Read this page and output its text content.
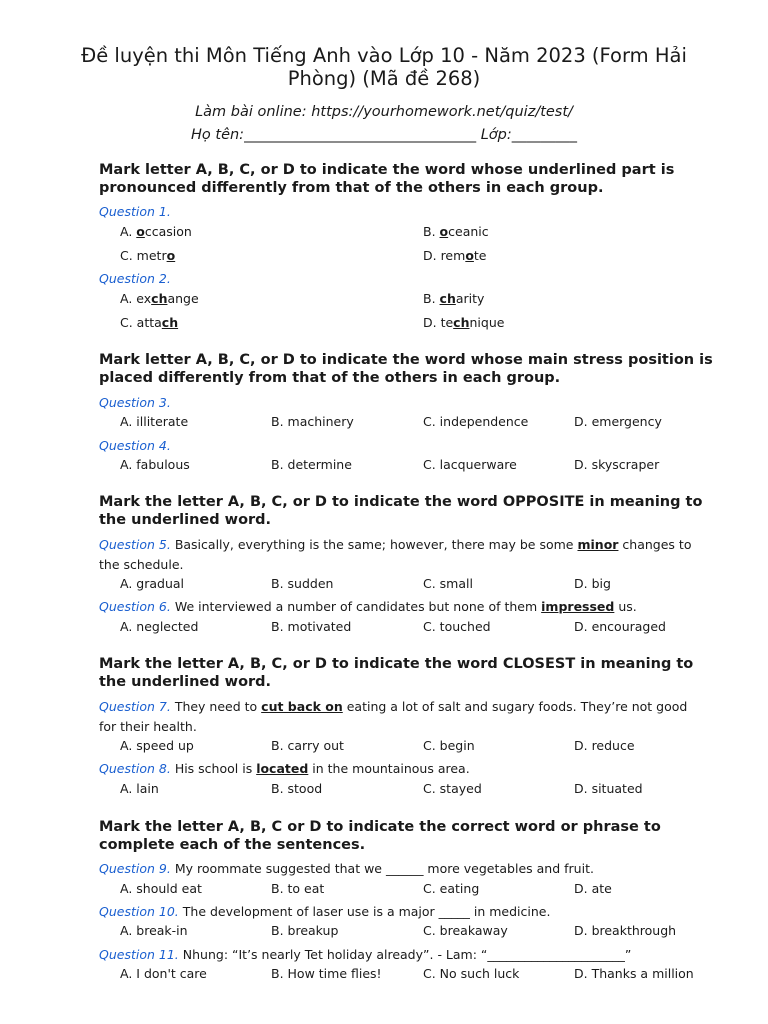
Đề luyện thi Môn Tiếng Anh vào Lớp 10 - Năm 2023 (Form Hải Phòng) (Mã đề 268)
Làm bài online: https://yourhomework.net/quiz/test/
Họ tên:________________________________ Lớp:_________
Mark letter A, B, C, or D to indicate the word whose underlined part is pronounced differently from that of the others in each group.
Question 1.
A. occasion	B. oceanic
C. metro	D. remote
Question 2.
A. exchange	B. charity
C. attach	D. technique
Mark letter A, B, C, or D to indicate the word whose main stress position is placed differently from that of the others in each group.
Question 3.
A. illiterate	B. machinery	C. independence	D. emergency
Question 4.
A. fabulous	B. determine	C. lacquerware	D. skyscraper
Mark the letter A, B, C, or D to indicate the word OPPOSITE in meaning to the underlined word.
Question 5. Basically, everything is the same; however, there may be some minor changes to the schedule.
A. gradual	B. sudden	C. small	D. big
Question 6. We interviewed a number of candidates but none of them impressed us.
A. neglected	B. motivated	C. touched	D. encouraged
Mark the letter A, B, C, or D to indicate the word CLOSEST in meaning to the underlined word.
Question 7. They need to cut back on eating a lot of salt and sugary foods. They’re not good for their health.
A. speed up	B. carry out	C. begin	D. reduce
Question 8. His school is located in the mountainous area.
A. lain	B. stood	C. stayed	D. situated
Mark the letter A, B, C or D to indicate the correct word or phrase to complete each of the sentences.
Question 9. My roommate suggested that we ______ more vegetables and fruit.
A. should eat	B. to eat	C. eating	D. ate
Question 10. The development of laser use is a major _____ in medicine.
A. break-in	B. breakup	C. breakaway	D. breakthrough
Question 11. Nhung: “It’s nearly Tet holiday already”. - Lam: “______________________”
A. I don't care	B. How time flies!	C. No such luck	D. Thanks a million
